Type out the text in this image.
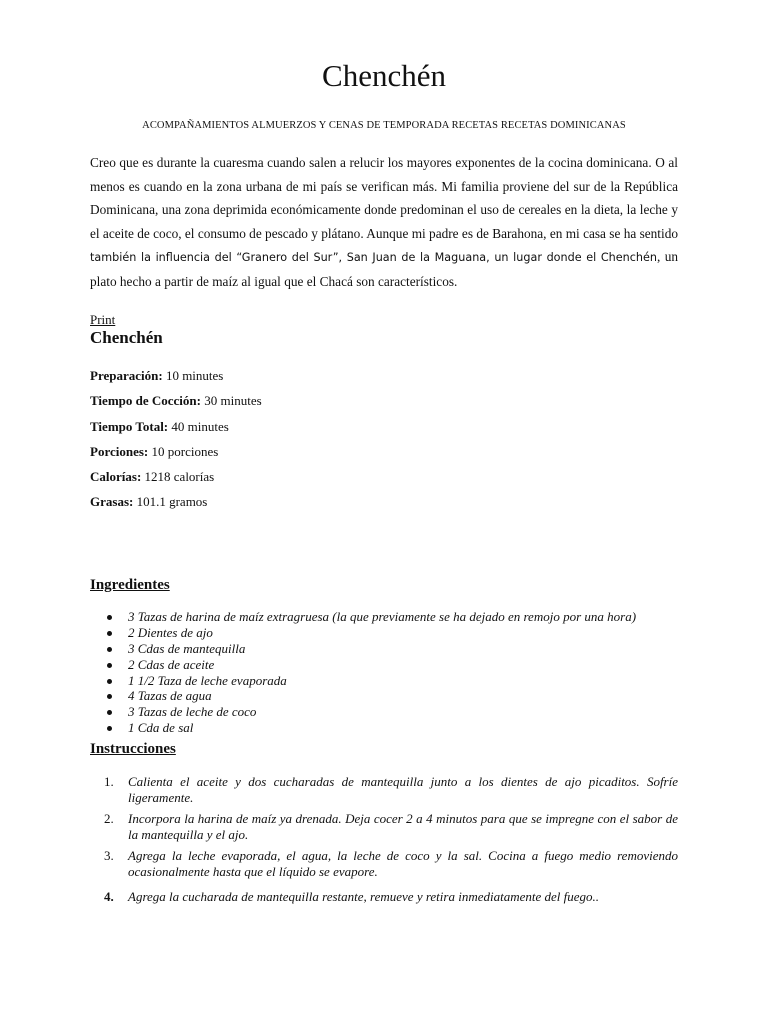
Chenchén
ACOMPAÑAMIENTOS ALMUERZOS Y CENAS DE TEMPORADA RECETAS RECETAS DOMINICANAS
Creo que es durante la cuaresma cuando salen a relucir los mayores exponentes de la cocina dominicana. O al menos es cuando en la zona urbana de mi país se verifican más. Mi familia proviene del sur de la República Dominicana, una zona deprimida económicamente donde predominan el uso de cereales en la dieta, la leche y el aceite de coco, el consumo de pescado y plátano. Aunque mi padre es de Barahona, en mi casa se ha sentido también la influencia del “Granero del Sur”, San Juan de la Maguana, un lugar donde el Chenchén, un plato hecho a partir de maíz al igual que el Chacá son característicos.
Print
Chenchén
Preparación: 10 minutes
Tiempo de Cocción: 30 minutes
Tiempo Total: 40 minutes
Porciones: 10 porciones
Calorías: 1218 calorías
Grasas: 101.1 gramos
Ingredientes
3 Tazas de harina de maíz extragruesa (la que previamente se ha dejado en remojo por una hora)
2 Dientes de ajo
3 Cdas de mantequilla
2 Cdas de aceite
1 1/2 Taza de leche evaporada
4 Tazas de agua
3 Tazas de leche de coco
1 Cda de sal
Instrucciones
1. Calienta el aceite y dos cucharadas de mantequilla junto a los dientes de ajo picaditos. Sofríe ligeramente.
2. Incorpora la harina de maíz ya drenada. Deja cocer 2 a 4 minutos para que se impregne con el sabor de la mantequilla y el ajo.
3. Agrega la leche evaporada, el agua, la leche de coco y la sal. Cocina a fuego medio removiendo ocasionalmente hasta que el líquido se evapore.
4. Agrega la cucharada de mantequilla restante, remueve y retira inmediatamente del fuego..
